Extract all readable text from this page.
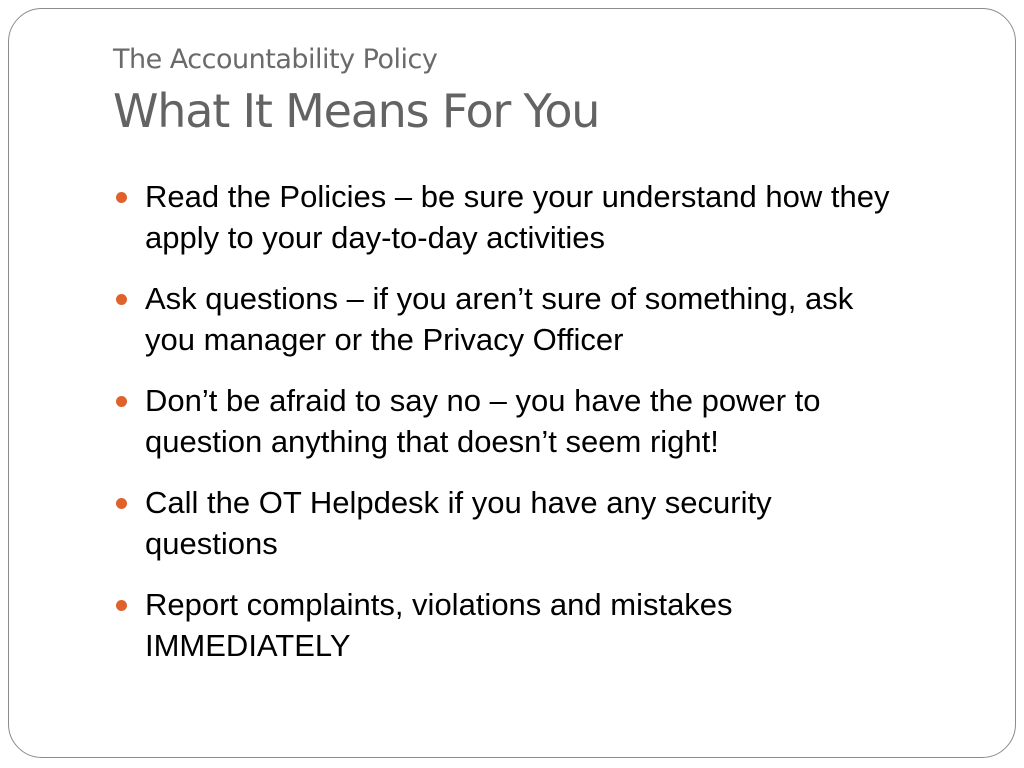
The Accountability Policy
What It Means For You
Read the Policies – be sure your understand how they apply to your day-to-day activities
Ask questions – if you aren’t sure of something, ask you manager or the Privacy Officer
Don’t be afraid to say no – you have the power to question anything that doesn’t seem right!
Call the OT Helpdesk if you have any security questions
Report complaints, violations and mistakes IMMEDIATELY
